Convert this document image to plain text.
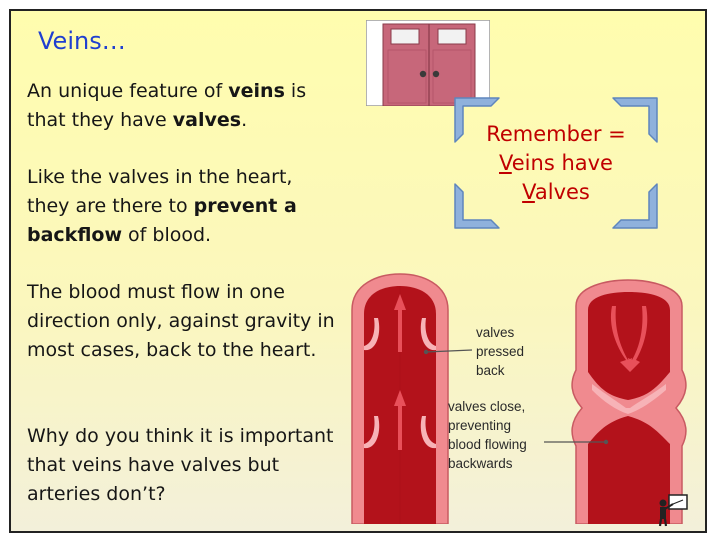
Veins…

An unique feature of veins is that they have valves.

Like the valves in the heart, they are there to prevent a backflow of blood.

The blood must flow in one direction only, against gravity in most cases, back to the heart.

Why do you think it is important that veins have valves but arteries don’t?

Remember =
Veins have
Valves
valves
pressed
back
valves close,
preventing
blood flowing
backwards
